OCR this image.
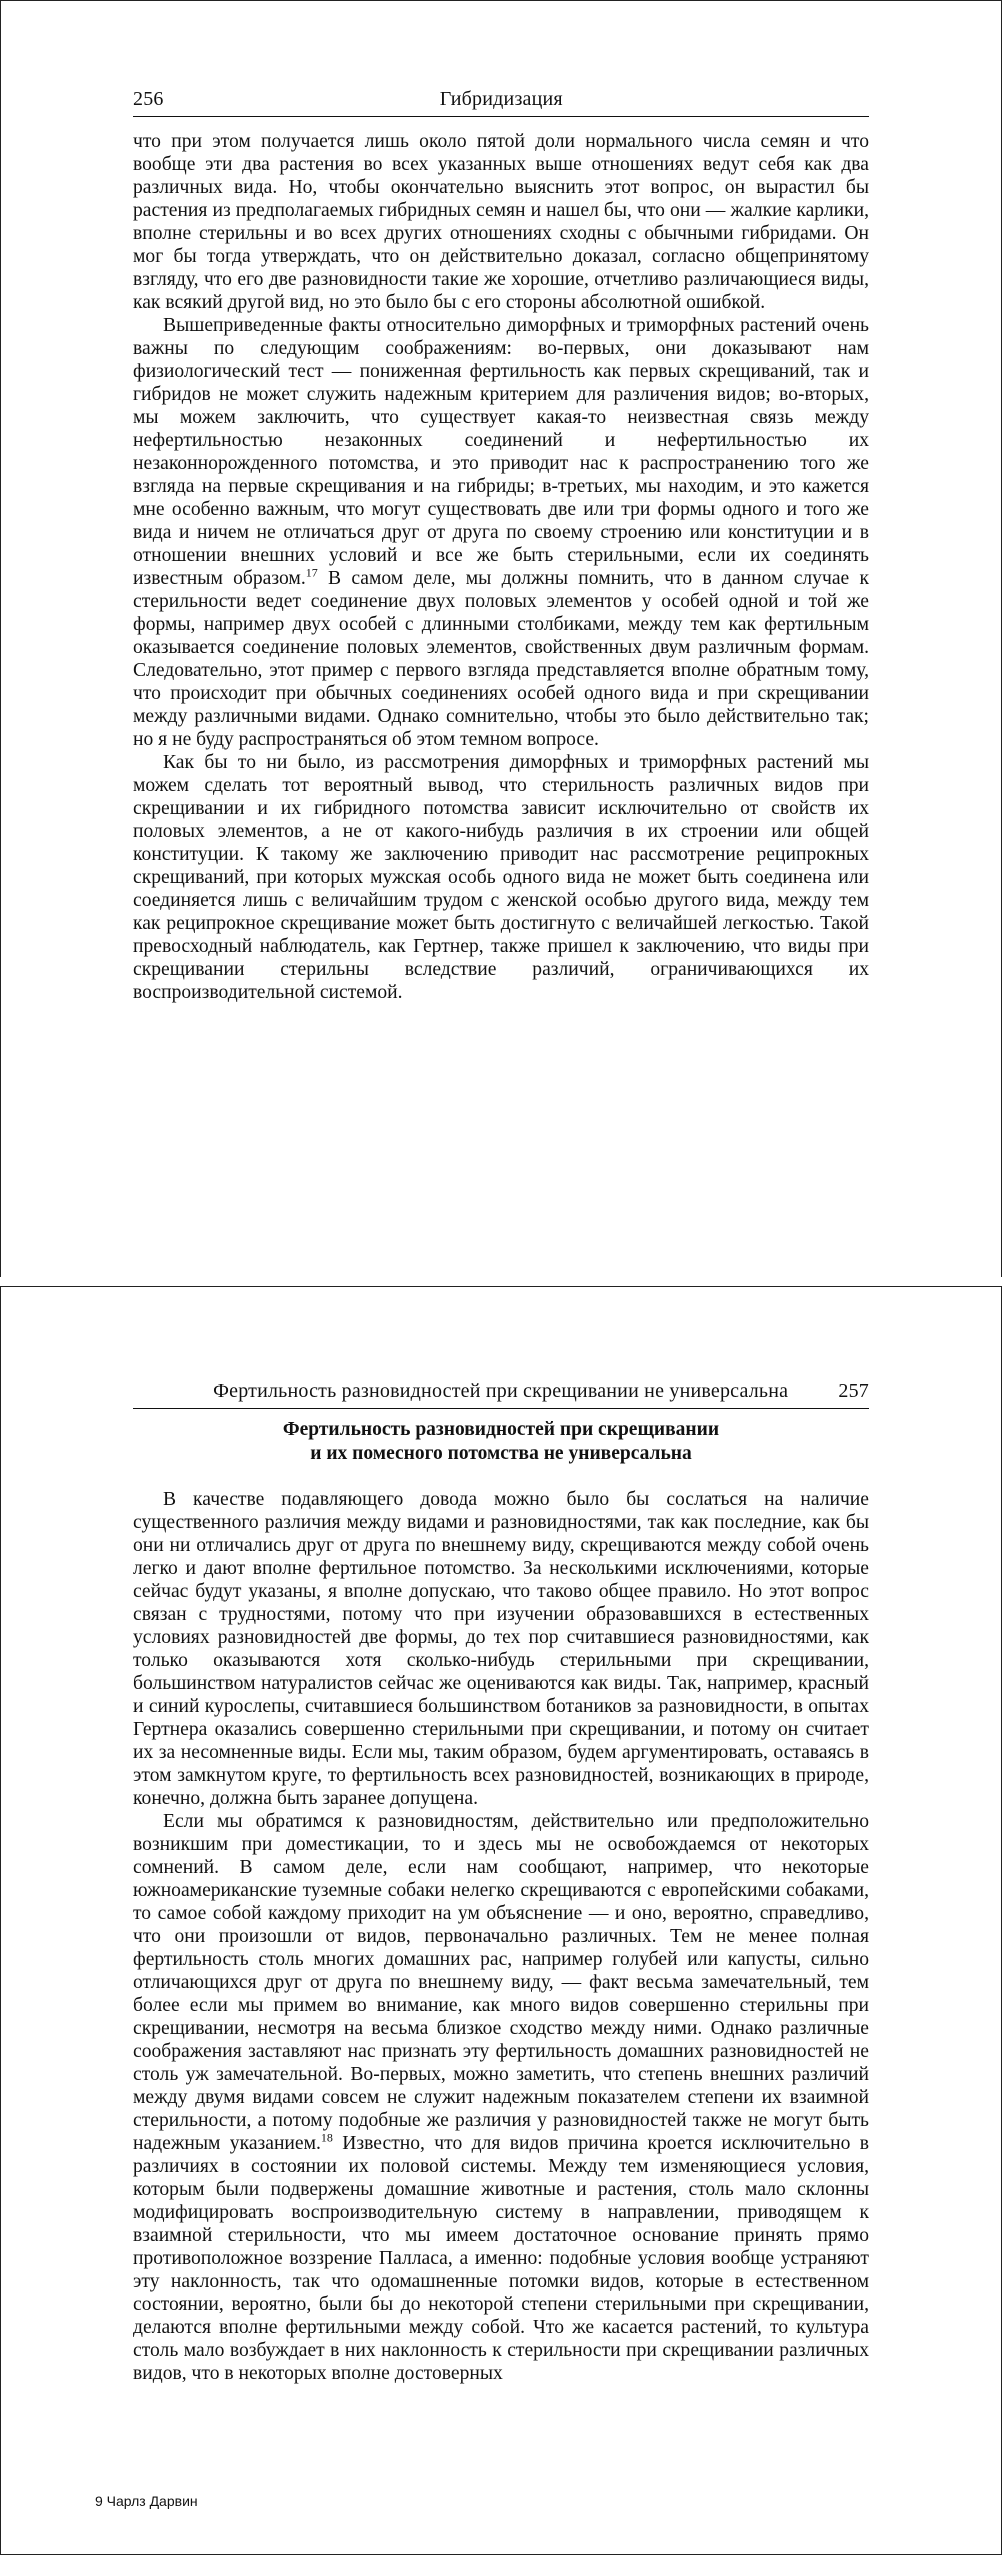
256	Гибридизация

что при этом получается лишь около пятой доли нормального числа семян и что вообще эти два растения во всех указанных выше отношениях ведут себя как два различных вида. Но, чтобы окончательно выяснить этот вопрос, он вырастил бы растения из предполагаемых гибридных семян и нашел бы, что они — жалкие карлики, вполне стерильны и во всех других отношениях сходны с обычными гибридами. Он мог бы тогда утверждать, что он действительно доказал, согласно общепринятому взгляду, что его две разновидности такие же хорошие, отчетливо различающиеся виды, как всякий другой вид, но это было бы с его стороны абсолютной ошибкой.

Вышеприведенные факты относительно диморфных и триморфных растений очень важны по следующим соображениям: во-первых, они доказывают нам физиологический тест — пониженная фертильность как первых скрещиваний, так и гибридов не может служить надежным критерием для различения видов; во-вторых, мы можем заключить, что существует какая-то неизвестная связь между нефертильностью незаконных соединений и нефертильностью их незаконнорожденного потомства, и это приводит нас к распространению того же взгляда на первые скрещивания и на гибриды; в-третьих, мы находим, и это кажется мне особенно важным, что могут существовать две или три формы одного и того же вида и ничем не отличаться друг от друга по своему строению или конституции и в отношении внешних условий и все же быть стерильными, если их соединять известным образом.$^{17}$ В самом деле, мы должны помнить, что в данном случае к стерильности ведет соединение двух половых элементов у особей одной и той же формы, например двух особей с длинными столбиками, между тем как фертильным оказывается соединение половых элементов, свойственных двум различным формам. Следовательно, этот пример с первого взгляда представляется вполне обратным тому, что происходит при обычных соединениях особей одного вида и при скрещивании между различными видами. Однако сомнительно, чтобы это было действительно так; но я не буду распространяться об этом темном вопросе.

Как бы то ни было, из рассмотрения диморфных и триморфных растений мы можем сделать тот вероятный вывод, что стерильность различных видов при скрещивании и их гибридного потомства зависит исключительно от свойств их половых элементов, а не от какого-нибудь различия в их строении или общей конституции. К такому же заключению приводит нас рассмотрение реципрокных скрещиваний, при которых мужская особь одного вида не может быть соединена или соединяется лишь с величайшим трудом с женской особью другого вида, между тем как реципрокное скрещивание может быть достигнуто с величайшей легкостью. Такой превосходный наблюдатель, как Гертнер, также пришел к заключению, что виды при скрещивании стерильны вследствие различий, ограничивающихся их воспроизводительной системой.

Фертильность разновидностей при скрещивании не универсальна	257
Фертильность разновидностей при скрещивании
и их помесного потомства не универсальна

В качестве подавляющего довода можно было бы сослаться на наличие существенного различия между видами и разновидностями, так как последние, как бы они ни отличались друг от друга по внешнему виду, скрещиваются между собой очень легко и дают вполне фертильное потомство. За несколькими исключениями, которые сейчас будут указаны, я вполне допускаю, что таково общее правило. Но этот вопрос связан с трудностями, потому что при изучении образовавшихся в естественных условиях разновидностей две формы, до тех пор считавшиеся разновидностями, как только оказываются хотя сколько-нибудь стерильными при скрещивании, большинством натуралистов сейчас же оцениваются как виды. Так, например, красный и синий курослепы, считавшиеся большинством ботаников за разновидности, в опытах Гертнера оказались совершенно стерильными при скрещивании, и потому он считает их за несомненные виды. Если мы, таким образом, будем аргументировать, оставаясь в этом замкнутом круге, то фертильность всех разновидностей, возникающих в природе, конечно, должна быть заранее допущена.

Если мы обратимся к разновидностям, действительно или предположительно возникшим при доместикации, то и здесь мы не освобождаемся от некоторых сомнений. В самом деле, если нам сообщают, например, что некоторые южноамериканские туземные собаки нелегко скрещиваются с европейскими собаками, то самое собой каждому приходит на ум объяснение — и оно, вероятно, справедливо, что они произошли от видов, первоначально различных. Тем не менее полная фертильность столь многих домашних рас, например голубей или капусты, сильно отличающихся друг от друга по внешнему виду, — факт весьма замечательный, тем более если мы примем во внимание, как много видов совершенно стерильны при скрещивании, несмотря на весьма близкое сходство между ними. Однако различные соображения заставляют нас признать эту фертильность домашних разновидностей не столь уж замечательной. Во-первых, можно заметить, что степень внешних различий между двумя видами совсем не служит надежным показателем степени их взаимной стерильности, а потому подобные же различия у разновидностей также не могут быть надежным указанием.$^{18}$ Известно, что для видов причина кроется исключительно в различиях в состоянии их половой системы. Между тем изменяющиеся условия, которым были подвержены домашние животные и растения, столь мало склонны модифицировать воспроизводительную систему в направлении, приводящем к взаимной стерильности, что мы имеем достаточное основание принять прямо противоположное воззрение Палласа, а именно: подобные условия вообще устраняют эту наклонность, так что одомашненные потомки видов, которые в естественном состоянии, вероятно, были бы до некоторой степени стерильными при скрещивании, делаются вполне фертильными между собой. Что же касается растений, то культура столь мало возбуждает в них наклонность к стерильности при скрещивании различных видов, что в некоторых вполне достоверных

9 Чарлз Дарвин
